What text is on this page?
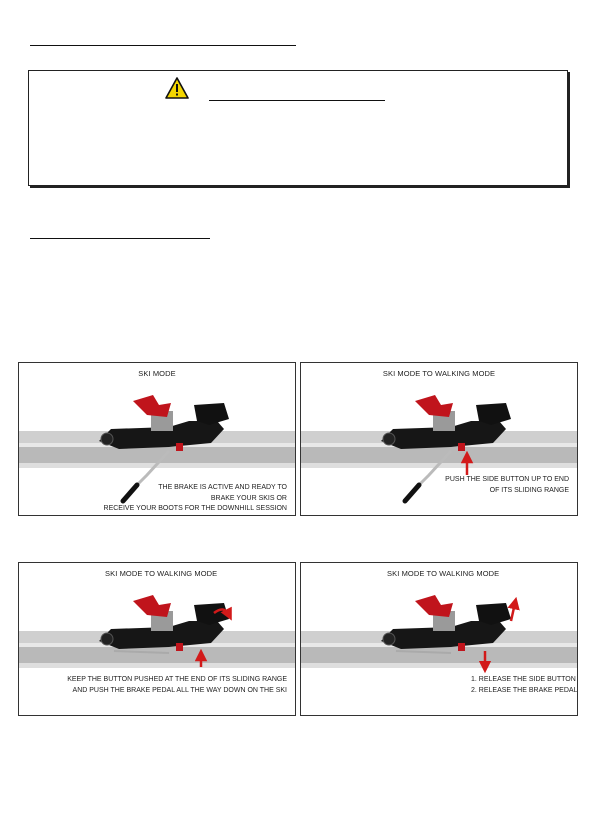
SKI MODE
THE BRAKE IS ACTIVE AND READY TO
BRAKE YOUR SKIS OR
RECEIVE YOUR BOOTS FOR THE DOWNHILL SESSION
SKI MODE TO WALKING MODE
PUSH THE SIDE BUTTON UP TO END
OF ITS SLIDING RANGE
SKI MODE TO WALKING MODE
KEEP THE BUTTON PUSHED AT THE END OF ITS SLIDING RANGE
AND PUSH THE BRAKE PEDAL ALL THE WAY DOWN ON THE SKI
SKI MODE TO WALKING MODE
1. RELEASE THE SIDE BUTTON
2. RELEASE THE BRAKE PEDAL
